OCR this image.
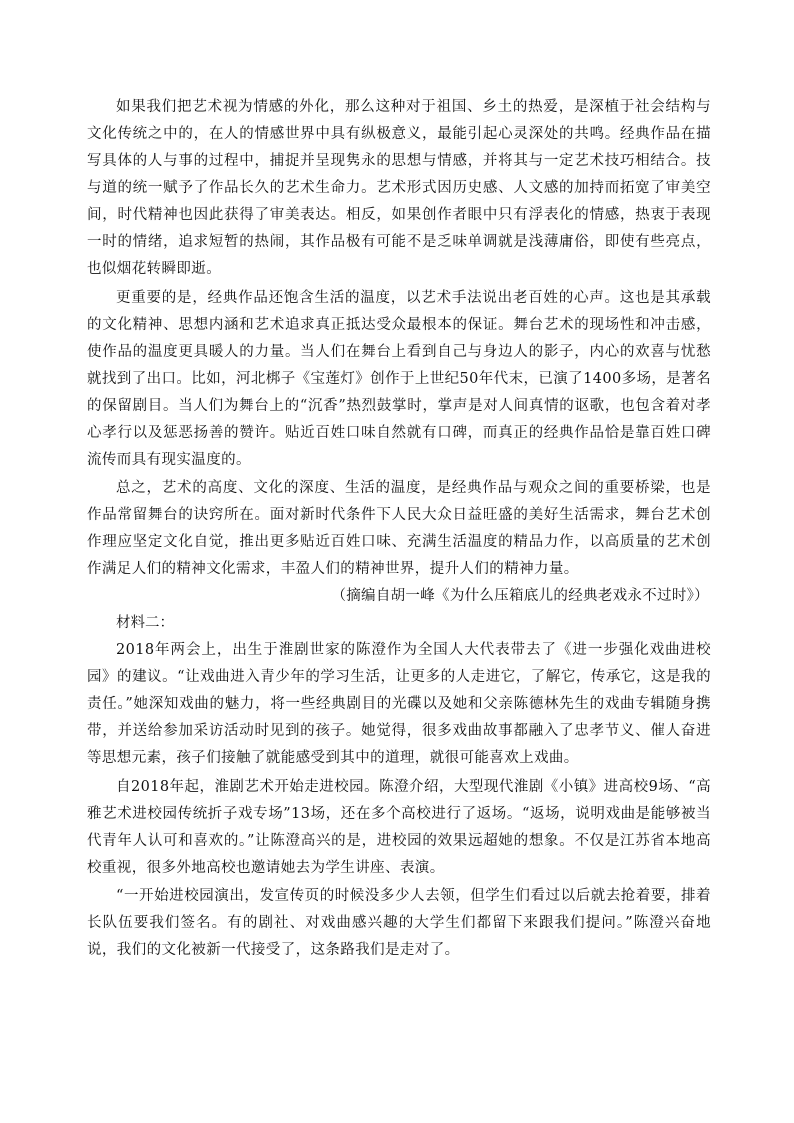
如果我们把艺术视为情感的外化，那么这种对于祖国、乡土的热爱，是深植于社会结构与文化传统之中的，在人的情感世界中具有纵极意义，最能引起心灵深处的共鸣。经典作品在描写具体的人与事的过程中，捕捉并呈现隽永的思想与情感，并将其与一定艺术技巧相结合。技与道的统一赋予了作品长久的艺术生命力。艺术形式因历史感、人文感的加持而拓宽了审美空间，时代精神也因此获得了审美表达。相反，如果创作者眼中只有浮表化的情感，热衷于表现一时的情绪，追求短暂的热闹，其作品极有可能不是乏味单调就是浅薄庸俗，即使有些亮点，也似烟花转瞬即逝。

更重要的是，经典作品还饱含生活的温度，以艺术手法说出老百姓的心声。这也是其承载的文化精神、思想内涵和艺术追求真正抵达受众最根本的保证。舞台艺术的现场性和冲击感，使作品的温度更具暖人的力量。当人们在舞台上看到自己与身边人的影子，内心的欢喜与忧愁就找到了出口。比如，河北梆子《宝莲灯》创作于上世纪50年代末，已演了1400多场，是著名的保留剧目。当人们为舞台上的“沉香”热烈鼓掌时，掌声是对人间真情的讴歌，也包含着对孝心孝行以及惩恶扬善的赞许。贴近百姓口味自然就有口碑，而真正的经典作品恰是靠百姓口碑流传而具有现实温度的。

总之，艺术的高度、文化的深度、生活的温度，是经典作品与观众之间的重要桥梁，也是作品常留舞台的诀窍所在。面对新时代条件下人民大众日益旺盛的美好生活需求，舞台艺术创作理应坚定文化自觉，推出更多贴近百姓口味、充满生活温度的精品力作，以高质量的艺术创作满足人们的精神文化需求，丰盈人们的精神世界，提升人们的精神力量。

（摘编自胡一峰《为什么压箱底儿的经典老戏永不过时》）

材料二：

2018年两会上，出生于淮剧世家的陈澄作为全国人大代表带去了《进一步强化戏曲进校园》的建议。“让戏曲进入青少年的学习生活，让更多的人走进它，了解它，传承它，这是我的责任。”她深知戏曲的魅力，将一些经典剧目的光碟以及她和父亲陈德林先生的戏曲专辑随身携带，并送给参加采访活动时见到的孩子。她觉得，很多戏曲故事都融入了忠孝节义、催人奋进等思想元素，孩子们接触了就能感受到其中的道理，就很可能喜欢上戏曲。

自2018年起，淮剧艺术开始走进校园。陈澄介绍，大型现代淮剧《小镇》进高校9场、“高雅艺术进校园传统折子戏专场”13场，还在多个高校进行了返场。“返场，说明戏曲是能够被当代青年人认可和喜欢的。”让陈澄高兴的是，进校园的效果远超她的想象。不仅是江苏省本地高校重视，很多外地高校也邀请她去为学生讲座、表演。

“一开始进校园演出，发宣传页的时候没多少人去领，但学生们看过以后就去抢着要，排着长队伍要我们签名。有的剧社、对戏曲感兴趣的大学生们都留下来跟我们提问。”陈澄兴奋地说，我们的文化被新一代接受了，这条路我们是走对了。
